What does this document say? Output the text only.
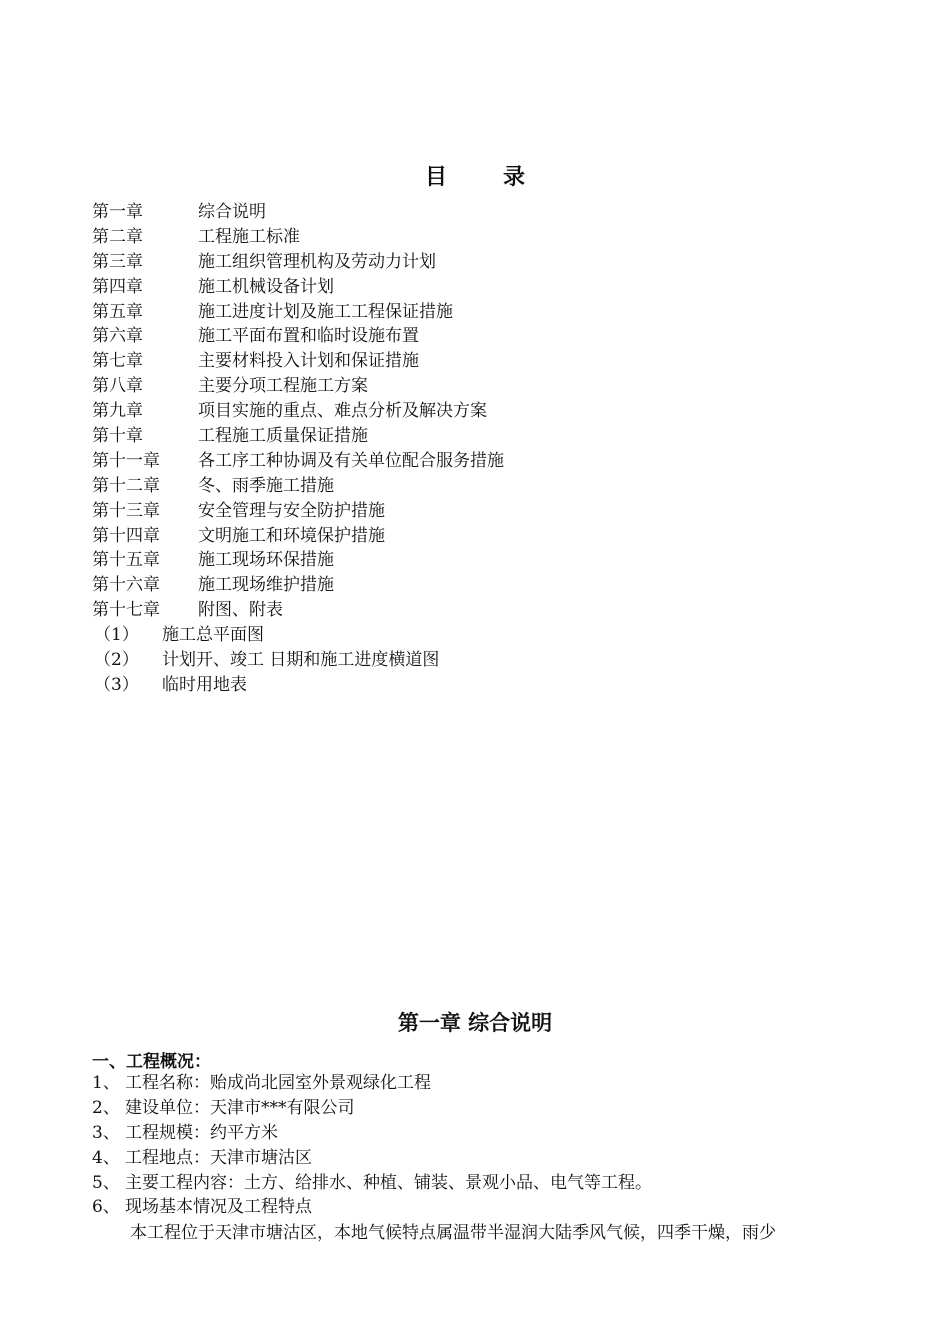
目	录
第一章	综合说明
第二章	工程施工标准
第三章	施工组织管理机构及劳动力计划
第四章	施工机械设备计划
第五章	施工进度计划及施工工程保证措施
第六章	施工平面布置和临时设施布置
第七章	主要材料投入计划和保证措施
第八章	主要分项工程施工方案
第九章	项目实施的重点、难点分析及解决方案
第十章	工程施工质量保证措施
第十一章 各工序工种协调及有关单位配合服务措施
第十二章 冬、雨季施工措施
第十三章 安全管理与安全防护措施
第十四章 文明施工和环境保护措施
第十五章 施工现场环保措施
第十六章 施工现场维护措施
第十七章 附图、附表
（1） 施工总平面图
（2） 计划开、竣工 日期和施工进度横道图
（3） 临时用地表
第一章 综合说明
一、工程概况：
1、 工程名称：贻成尚北园室外景观绿化工程
2、 建设单位：天津市***有限公司
3、 工程规模：约平方米
4、 工程地点：天津市塘沽区
5、 主要工程内容：土方、给排水、种植、铺装、景观小品、电气等工程。
6、 现场基本情况及工程特点
本工程位于天津市塘沽区，本地气候特点属温带半湿润大陆季风气候，四季干燥，雨少
